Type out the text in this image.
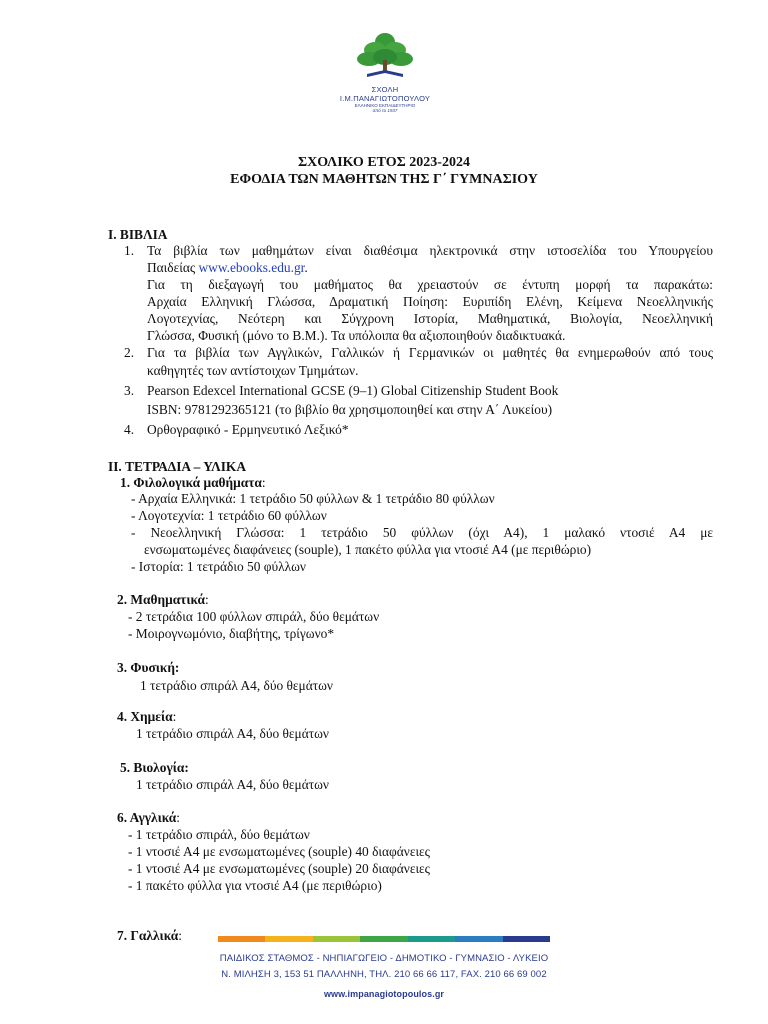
ΣΧΟΛΗ Ι.Μ.ΠΑΝΑΓΙΩΤΟΠΟΥΛΟΥ
ΕΛΛΗΝΙΚΟ ΕΚΠΑΙΔΕΥΤΗΡΙΟ
από το 1937
ΣΧΟΛΙΚΟ ΕΤΟΣ 2023-2024
ΕΦΟΔΙΑ ΤΩΝ ΜΑΘΗΤΩΝ ΤΗΣ Γ΄ ΓΥΜΝΑΣΙΟΥ
I. ΒΙΒΛΙΑ
1. Τα βιβλία των μαθημάτων είναι διαθέσιμα ηλεκτρονικά στην ιστοσελίδα του Υπουργείου
Παιδείας www.ebooks.edu.gr.
Για τη διεξαγωγή του μαθήματος θα χρειαστούν σε έντυπη μορφή τα παρακάτω:
Αρχαία Ελληνική Γλώσσα, Δραματική Ποίηση: Ευριπίδη Ελένη, Κείμενα Νεοελληνικής
Λογοτεχνίας, Νεότερη και Σύγχρονη Ιστορία, Μαθηματικά, Βιολογία, Νεοελληνική
Γλώσσα, Φυσική (μόνο το Β.Μ.). Τα υπόλοιπα θα αξιοποιηθούν διαδικτυακά.
2. Για τα βιβλία των Αγγλικών, Γαλλικών ή Γερμανικών οι μαθητές θα ενημερωθούν από τους
καθηγητές των αντίστοιχων Τμημάτων.
3. Pearson Edexcel International GCSE (9–1) Global Citizenship Student Book
ISBN: 9781292365121 (το βιβλίο θα χρησιμοποιηθεί και στην Α΄ Λυκείου)
4. Ορθογραφικό - Ερμηνευτικό Λεξικό*
II. ΤΕΤΡΑΔΙΑ – ΥΛΙΚΑ
1. Φιλολογικά μαθήματα:
- Αρχαία Ελληνικά: 1 τετράδιο 50 φύλλων & 1 τετράδιο 80 φύλλων
- Λογοτεχνία: 1 τετράδιο 60 φύλλων
- Νεοελληνική Γλώσσα: 1 τετράδιο 50 φύλλων (όχι Α4), 1 μαλακό ντοσιέ Α4 με
ενσωματωμένες διαφάνειες (souple), 1 πακέτο φύλλα για ντοσιέ Α4 (με περιθώριο)
- Ιστορία: 1 τετράδιο 50 φύλλων
2. Μαθηματικά:
- 2 τετράδια 100 φύλλων σπιράλ, δύο θεμάτων
- Μοιρογνωμόνιο, διαβήτης, τρίγωνο*
3. Φυσική:
1 τετράδιο σπιράλ Α4, δύο θεμάτων
4. Χημεία:
1 τετράδιο σπιράλ Α4, δύο θεμάτων
5. Βιολογία:
1 τετράδιο σπιράλ Α4, δύο θεμάτων
6. Αγγλικά:
- 1 τετράδιο σπιράλ, δύο θεμάτων
- 1 ντοσιέ Α4 με ενσωματωμένες (souple) 40 διαφάνειες
- 1 ντοσιέ Α4 με ενσωματωμένες (souple) 20 διαφάνειες
- 1 πακέτο φύλλα για ντοσιέ Α4 (με περιθώριο)
7. Γαλλικά:
ΠΑΙΔΙΚΟΣ ΣΤΑΘΜΟΣ - ΝΗΠΙΑΓΩΓΕΙΟ - ΔΗΜΟΤΙΚΟ - ΓΥΜΝΑΣΙΟ - ΛΥΚΕΙΟ
Ν. ΜΙΛΗΣΗ 3, 153 51 ΠΑΛΛΗΝΗ, ΤΗΛ. 210 66 66 117, FAX. 210 66 69 002
www.impanagiotopoulos.gr
